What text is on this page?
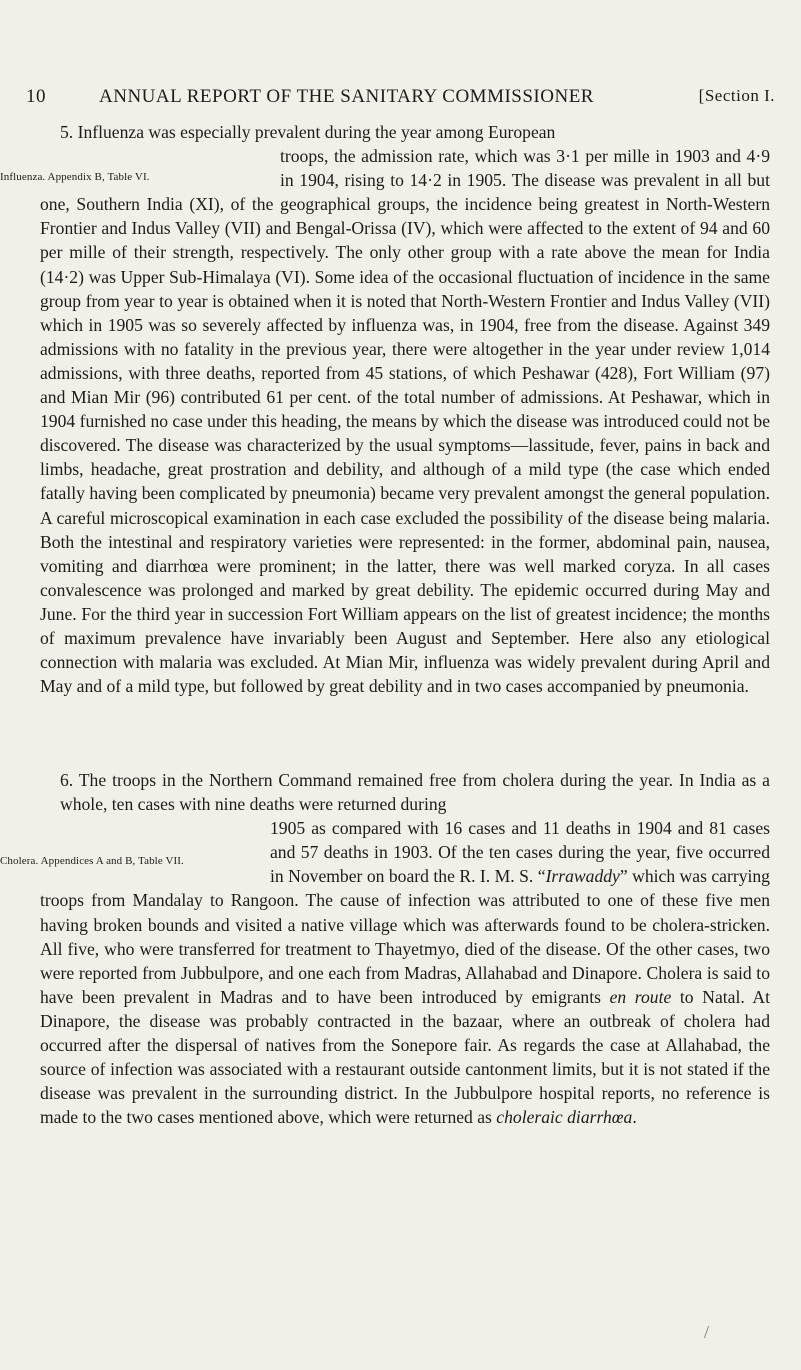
10	ANNUAL REPORT OF THE SANITARY COMMISSIONER	[Section I.
5. Influenza was especially prevalent during the year among European
Influenza. Appendix B, Table VI.
troops, the admission rate, which was 3·1 per mille in 1903 and 4·9 in 1904, rising to 14·2 in 1905. The disease was prevalent in all but one, Southern India (XI), of the geographical groups, the incidence being greatest in North-Western Frontier and Indus Valley (VII) and Bengal-Orissa (IV), which were affected to the extent of 94 and 60 per mille of their strength, respectively. The only other group with a rate above the mean for India (14·2) was Upper Sub-Himalaya (VI). Some idea of the occasional fluctuation of incidence in the same group from year to year is obtained when it is noted that North-Western Frontier and Indus Valley (VII) which in 1905 was so severely affected by influenza was, in 1904, free from the disease. Against 349 admissions with no fatality in the previous year, there were altogether in the year under review 1,014 admissions, with three deaths, reported from 45 stations, of which Peshawar (428), Fort William (97) and Mian Mir (96) contributed 61 per cent. of the total number of admissions. At Peshawar, which in 1904 furnished no case under this heading, the means by which the disease was introduced could not be discovered. The disease was characterized by the usual symptoms—lassitude, fever, pains in back and limbs, headache, great prostration and debility, and although of a mild type (the case which ended fatally having been complicated by pneumonia) became very prevalent amongst the general population. A careful microscopical examination in each case excluded the possibility of the disease being malaria. Both the intestinal and respiratory varieties were represented: in the former, abdominal pain, nausea, vomiting and diarrhœa were prominent; in the latter, there was well marked coryza. In all cases convalescence was prolonged and marked by great debility. The epidemic occurred during May and June. For the third year in succession Fort William appears on the list of greatest incidence; the months of maximum prevalence have invariably been August and September. Here also any etiological connection with malaria was excluded. At Mian Mir, influenza was widely prevalent during April and May and of a mild type, but followed by great debility and in two cases accompanied by pneumonia.
6. The troops in the Northern Command remained free from cholera during the year. In India as a whole, ten cases with nine deaths were returned during
Cholera. Appendices A and B, Table VII.
1905 as compared with 16 cases and 11 deaths in 1904 and 81 cases and 57 deaths in 1903. Of the ten cases during the year, five occurred in November on board the R. I. M. S. “Irrawaddy” which was carrying troops from Mandalay to Rangoon. The cause of infection was attributed to one of these five men having broken bounds and visited a native village which was afterwards found to be cholera-stricken. All five, who were transferred for treatment to Thayetmyo, died of the disease. Of the other cases, two were reported from Jubbulpore, and one each from Madras, Allahabad and Dinapore. Cholera is said to have been prevalent in Madras and to have been introduced by emigrants en route to Natal. At Dinapore, the disease was probably contracted in the bazaar, where an outbreak of cholera had occurred after the dispersal of natives from the Sonepore fair. As regards the case at Allahabad, the source of infection was associated with a restaurant outside cantonment limits, but it is not stated if the disease was prevalent in the surrounding district. In the Jubbulpore hospital reports, no reference is made to the two cases mentioned above, which were returned as choleraic diarrhœa.
/
